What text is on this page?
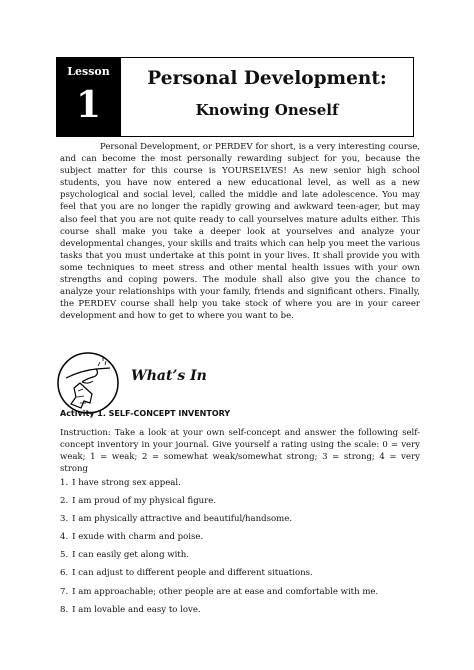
Lesson
1
Personal Development:
Knowing Oneself

Personal Development, or PERDEV for short, is a very interesting course, and can become the most personally rewarding subject for you, because the subject matter for this course is YOURSELVES! As new senior high school students, you have now entered a new educational level, as well as a new psychological and social level, called the middle and late adolescence. You may feel that you are no longer the rapidly growing and awkward teen-ager, but may also feel that you are not quite ready to call yourselves mature adults either. This course shall make you take a deeper look at yourselves and analyze your developmental changes, your skills and traits which can help you meet the various tasks that you must undertake at this point in your lives. It shall provide you with some techniques to meet stress and other mental health issues with your own strengths and coping powers. The module shall also give you the chance to analyze your relationships with your family, friends and significant others. Finally, the PERDEV course shall help you take stock of where you are in your career development and how to get to where you want to be.

What’s In
Activity 1. SELF-CONCEPT INVENTORY

Instruction: Take a look at your own self-concept and answer the following self-concept inventory in your journal. Give yourself a rating using the scale: 0 = very weak; 1 = weak; 2 = somewhat weak/somewhat strong; 3 = strong; 4 = very strong

1. I have strong sex appeal.
2. I am proud of my physical figure.
3. I am physically attractive and beautiful/handsome.
4. I exude with charm and poise.
5. I can easily get along with.
6. I can adjust to different people and different situations.
7. I am approachable; other people are at ease and comfortable with me.
8. I am lovable and easy to love.
